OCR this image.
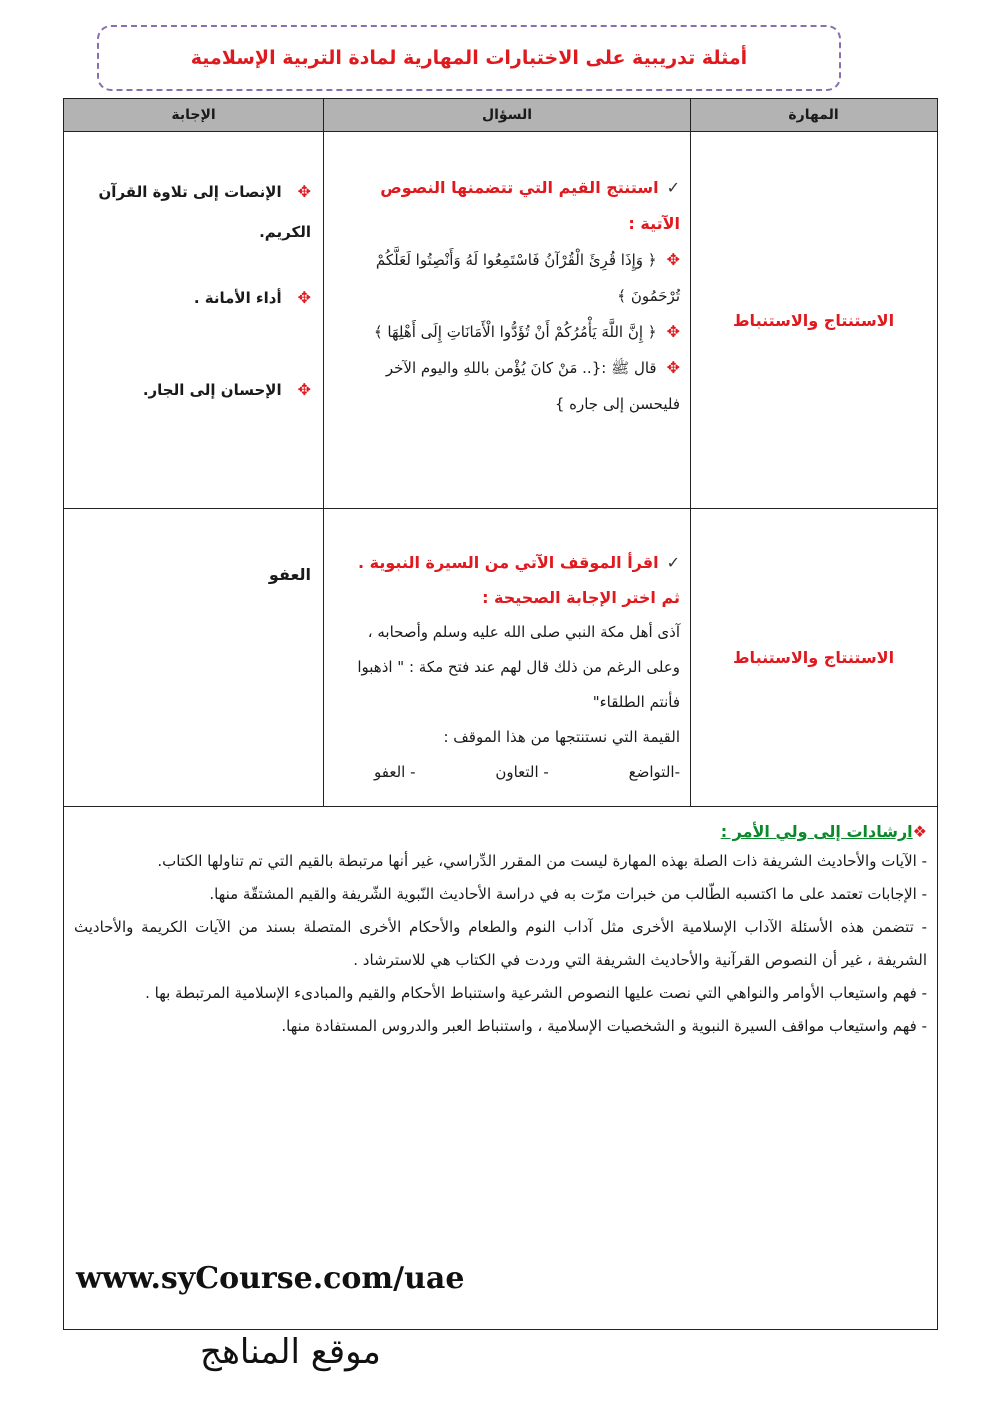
أمثلة تدريبية على الاختبارات المهارية لمادة التربية الإسلامية
الإجابة	السؤال	المهارة
✥الإنصات إلى تلاوة القرآن الكريم.
✥أداء الأمانة .
✥الإحسان إلى الجار.
✓استنتج القيم التي تتضمنها النصوص الآتية :
✥﴿ وَإِذَا قُرِئَ الْقُرْآنُ فَاسْتَمِعُوا لَهُ وَأَنْصِتُوا لَعَلَّكُمْ تُرْحَمُونَ ﴾
✥﴿ إِنَّ اللَّهَ يَأْمُرُكُمْ أَنْ تُؤَدُّوا الْأَمَانَاتِ إِلَى أَهْلِهَا ﴾
✥قال ﷺ :{.. مَنْ كانَ يُؤْمن باللهِ واليوم الآخر فليحسن إلى جاره }
الاستنتاج والاستنباط
العفو
✓اقرأ الموقف الآتي من السيرة النبوية . ثم اختر الإجابة الصحيحة :
آذى أهل مكة النبي صلى الله عليه وسلم وأصحابه ، وعلى الرغم من ذلك قال لهم عند فتح مكة : " اذهبوا فأنتم الطلقاء"
القيمة التي نستنتجها من هذا الموقف :
-التواضع
- التعاون
- العفو
الاستنتاج والاستنباط
❖ارشادات إلى ولي الأمر :

- الآيات والأحاديث الشريفة ذات الصلة بهذه المهارة ليست من المقرر الدِّراسي، غير أنها مرتبطة بالقيم التي تم تناولها الكتاب.

- الإجابات تعتمد على ما اكتسبه الطّالب من خبرات مرّت به في دراسة الأحاديث النّبوية الشّريفة والقيم المشتقّة منها.

- تتضمن هذه الأسئلة الآداب الإسلامية الأخرى مثل آداب النوم والطعام والأحكام الأخرى المتصلة بسند من الآيات الكريمة والأحاديث الشريفة ، غير أن النصوص القرآنية والأحاديث الشريفة التي وردت في الكتاب هي للاسترشاد .

- فهم واستيعاب الأوامر والنواهي التي نصت عليها النصوص الشرعية واستنباط الأحكام والقيم والمبادىء الإسلامية المرتبطة بها .

- فهم واستيعاب مواقف السيرة النبوية و الشخصيات الإسلامية ، واستنباط العبر والدروس المستفادة منها.

www.syCourse.com/uae
موقع المناهج
